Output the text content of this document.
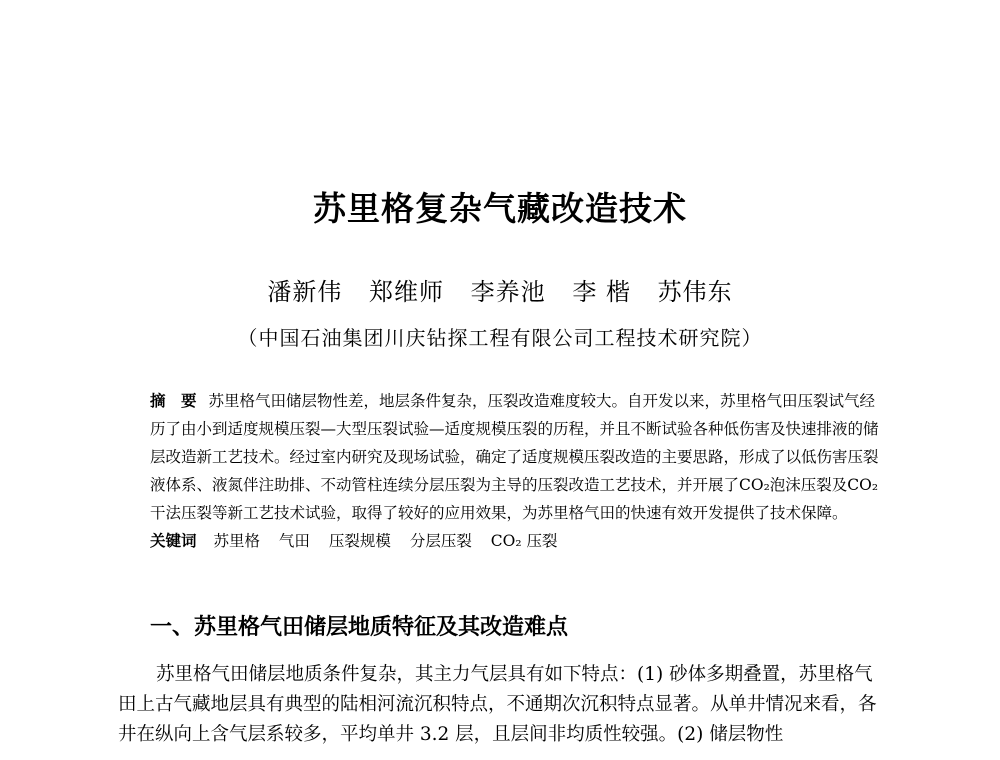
苏里格复杂气藏改造技术
潘新伟 郑维师 李养池 李 楷 苏伟东
（中国石油集团川庆钻探工程有限公司工程技术研究院）

摘　要 苏里格气田储层物性差，地层条件复杂，压裂改造难度较大。自开发以来，苏里格气田压裂试气经历了由小到适度规模压裂—大型压裂试验—适度规模压裂的历程，并且不断试验各种低伤害及快速排液的储层改造新工艺技术。经过室内研究及现场试验，确定了适度规模压裂改造的主要思路，形成了以低伤害压裂液体系、液氮伴注助排、不动管柱连续分层压裂为主导的压裂改造工艺技术，并开展了CO₂泡沫压裂及CO₂干法压裂等新工艺技术试验，取得了较好的应用效果，为苏里格气田的快速有效开发提供了技术保障。

关键词 苏里格 气田 压裂规模 分层压裂 CO₂ 压裂

一、苏里格气田储层地质特征及其改造难点

苏里格气田储层地质条件复杂，其主力气层具有如下特点：(1) 砂体多期叠置，苏里格气田上古气藏地层具有典型的陆相河流沉积特点，不通期次沉积特点显著。从单井情况来看，各井在纵向上含气层系较多，平均单井 3.2 层，且层间非均质性较强。(2) 储层物性
